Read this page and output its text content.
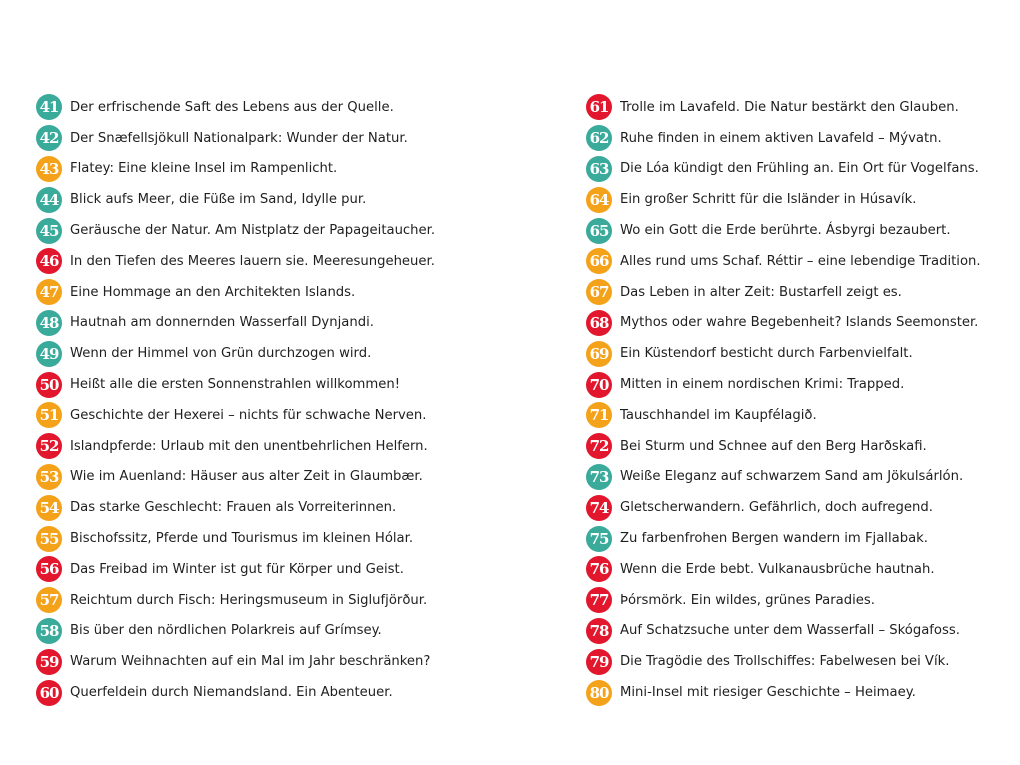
41 Der erfrischende Saft des Lebens aus der Quelle.
42 Der Snæfellsjökull Nationalpark: Wunder der Natur.
43 Flatey: Eine kleine Insel im Rampenlicht.
44 Blick aufs Meer, die Füße im Sand, Idylle pur.
45 Geräusche der Natur. Am Nistplatz der Papageitaucher.
46 In den Tiefen des Meeres lauern sie. Meeresungeheuer.
47 Eine Hommage an den Architekten Islands.
48 Hautnah am donnernden Wasserfall Dynjandi.
49 Wenn der Himmel von Grün durchzogen wird.
50 Heißt alle die ersten Sonnenstrahlen willkommen!
51 Geschichte der Hexerei – nichts für schwache Nerven.
52 Islandpferde: Urlaub mit den unentbehrlichen Helfern.
53 Wie im Auenland: Häuser aus alter Zeit in Glaumbær.
54 Das starke Geschlecht: Frauen als Vorreiterinnen.
55 Bischofssitz, Pferde und Tourismus im kleinen Hólar.
56 Das Freibad im Winter ist gut für Körper und Geist.
57 Reichtum durch Fisch: Heringsmuseum in Siglufjörður.
58 Bis über den nördlichen Polarkreis auf Grímsey.
59 Warum Weihnachten auf ein Mal im Jahr beschränken?
60 Querfeldein durch Niemandsland. Ein Abenteuer.
61 Trolle im Lavafeld. Die Natur bestärkt den Glauben.
62 Ruhe finden in einem aktiven Lavafeld – Mývatn.
63 Die Lóa kündigt den Frühling an. Ein Ort für Vogelfans.
64 Ein großer Schritt für die Isländer in Húsavík.
65 Wo ein Gott die Erde berührte. Ásbyrgi bezaubert.
66 Alles rund ums Schaf. Réttir – eine lebendige Tradition.
67 Das Leben in alter Zeit: Bustarfell zeigt es.
68 Mythos oder wahre Begebenheit? Islands Seemonster.
69 Ein Küstendorf besticht durch Farbenvielfalt.
70 Mitten in einem nordischen Krimi: Trapped.
71 Tauschhandel im Kaupfélagið.
72 Bei Sturm und Schnee auf den Berg Harðskafi.
73 Weiße Eleganz auf schwarzem Sand am Jökulsárlón.
74 Gletscherwandern. Gefährlich, doch aufregend.
75 Zu farbenfrohen Bergen wandern im Fjallabak.
76 Wenn die Erde bebt. Vulkanausbrüche hautnah.
77 Þórsmörk. Ein wildes, grünes Paradies.
78 Auf Schatzsuche unter dem Wasserfall – Skógafoss.
79 Die Tragödie des Trollschiffes: Fabelwesen bei Vík.
80 Mini-Insel mit riesiger Geschichte – Heimaey.
